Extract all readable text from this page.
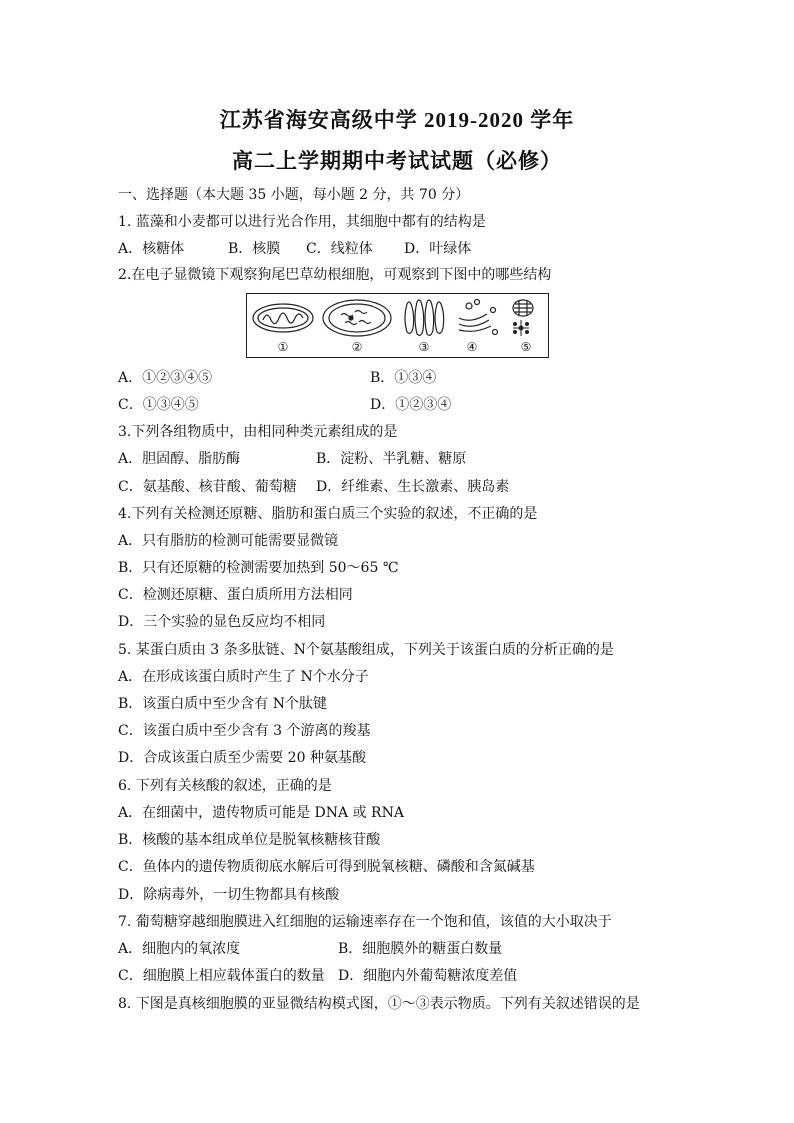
江苏省海安高级中学 2019-2020 学年
高二上学期期中考试试题（必修）
一、选择题（本大题 35 小题，每小题 2 分，共 70 分）
1. 蓝藻和小麦都可以进行光合作用，其细胞中都有的结构是
A．核糖体	B．核膜 C．线粒体 D．叶绿体
2.在电子显微镜下观察狗尾巴草幼根细胞，可观察到下图中的哪些结构
①	②	③	④	⑤
A．①②③④⑤	B．①③④
C．①③④⑤	D．①②③④
3.下列各组物质中，由相同种类元素组成的是
A．胆固醇、脂肪酶	B．淀粉、半乳糖、糖原
C．氨基酸、核苷酸、葡萄糖 D．纤维素、生长激素、胰岛素
4.下列有关检测还原糖、脂肪和蛋白质三个实验的叙述，不正确的是
A．只有脂肪的检测可能需要显微镜
B．只有还原糖的检测需要加热到 50～65 ℃
C．检测还原糖、蛋白质所用方法相同
D．三个实验的显色反应均不相同
5. 某蛋白质由 3 条多肽链、N个氨基酸组成，下列关于该蛋白质的分析正确的是
A．在形成该蛋白质时产生了 N个水分子
B．该蛋白质中至少含有 N个肽键
C．该蛋白质中至少含有 3 个游离的羧基
D．合成该蛋白质至少需要 20 种氨基酸
6. 下列有关核酸的叙述，正确的是
A．在细菌中，遗传物质可能是 DNA 或 RNA
B．核酸的基本组成单位是脱氧核糖核苷酸
C．鱼体内的遗传物质彻底水解后可得到脱氧核糖、磷酸和含氮碱基
D．除病毒外，一切生物都具有核酸
7. 葡萄糖穿越细胞膜进入红细胞的运输速率存在一个饱和值，该值的大小取决于
A．细胞内的氧浓度	B．细胞膜外的糖蛋白数量
C．细胞膜上相应载体蛋白的数量 D．细胞内外葡萄糖浓度差值
8. 下图是真核细胞膜的亚显微结构模式图，①～③表示物质。下列有关叙述错误的是
